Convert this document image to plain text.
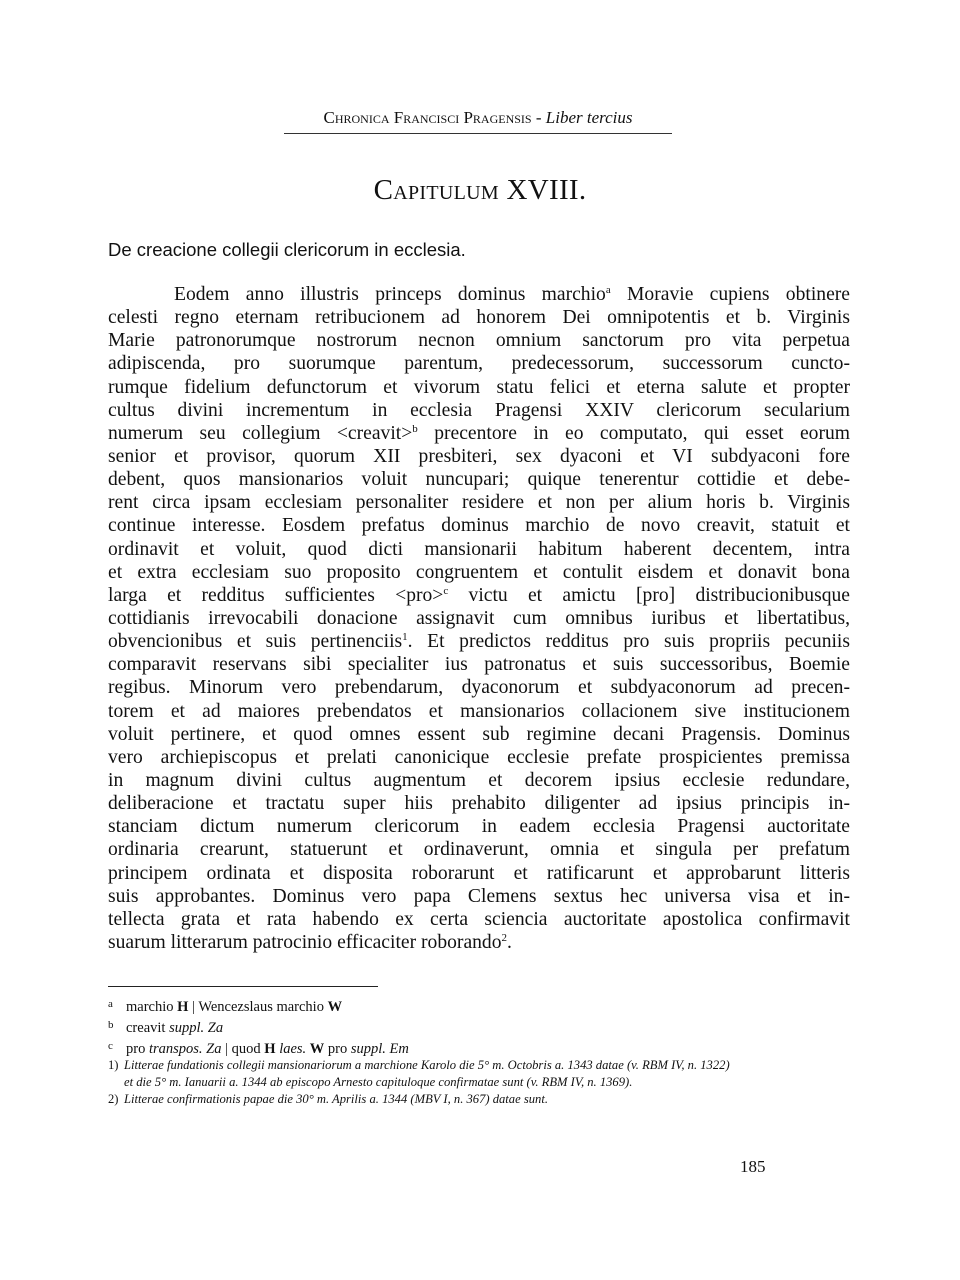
Chronica Francisci Pragensis - Liber tercius
Capitulum XVIII.
De creacione collegii clericorum in ecclesia.
Eodem anno illustris princeps dominus marchio$^a$ Moravie cupiens obtinere
celesti regno eternam retribucionem ad honorem Dei omnipotentis et b. Virginis
Marie patronorumque nostrorum necnon omnium sanctorum pro vita perpetua
adipiscenda, pro suorumque parentum, predecessorum, successorum cuncto-
rumque fidelium defunctorum et vivorum statu felici et eterna salute et propter
cultus divini incrementum in ecclesia Pragensi XXIV clericorum secularium
numerum seu collegium <creavit>$^b$ precentore in eo computato, qui esset eorum
senior et provisor, quorum XII presbiteri, sex dyaconi et VI subdyaconi fore
debent, quos mansionarios voluit nuncupari; quique tenerentur cottidie et debe-
rent circa ipsam ecclesiam personaliter residere et non per alium horis b. Virginis
continue interesse. Eosdem prefatus dominus marchio de novo creavit, statuit et
ordinavit et voluit, quod dicti mansionarii habitum haberent decentem, intra
et extra ecclesiam suo proposito congruentem et contulit eisdem et donavit bona
larga et redditus sufficientes <pro>$^c$ victu et amictu [pro] distribucionibusque
cottidianis irrevocabili donacione assignavit cum omnibus iuribus et libertatibus,
obvencionibus et suis pertinenciis$^1$. Et predictos redditus pro suis propriis pecuniis
comparavit reservans sibi specialiter ius patronatus et suis successoribus, Boemie
regibus. Minorum vero prebendarum, dyaconorum et subdyaconorum ad precen-
torem et ad maiores prebendatos et mansionarios collacionem sive institucionem
voluit pertinere, et quod omnes essent sub regimine decani Pragensis. Dominus
vero archiepiscopus et prelati canonicique ecclesie prefate prospicientes premissa
in magnum divini cultus augmentum et decorem ipsius ecclesie redundare,
deliberacione et tractatu super hiis prehabito diligenter ad ipsius principis in-
stanciam dictum numerum clericorum in eadem ecclesia Pragensi auctoritate
ordinaria crearunt, statuerunt et ordinaverunt, omnia et singula per prefatum
principem ordinata et disposita roborarunt et ratificarunt et approbarunt litteris
suis approbantes. Dominus vero papa Clemens sextus hec universa visa et in-
tellecta grata et rata habendo ex certa sciencia auctoritate apostolica confirmavit
suarum litterarum patrocinio efficaciter roborando$^2$.
a marchio H | Wencezslaus marchio W
b creavit suppl. Za
c pro transpos. Za | quod H laes. W pro suppl. Em
1) Litterae fundationis collegii mansionariorum a marchione Karolo die 5° m. Octobris a. 1343 datae (v. RBM IV, n. 1322)
et die 5° m. Ianuarii a. 1344 ab episcopo Arnesto capituloque confirmatae sunt (v. RBM IV, n. 1369).
2) Litterae confirmationis papae die 30° m. Aprilis a. 1344 (MBV I, n. 367) datae sunt.
185
